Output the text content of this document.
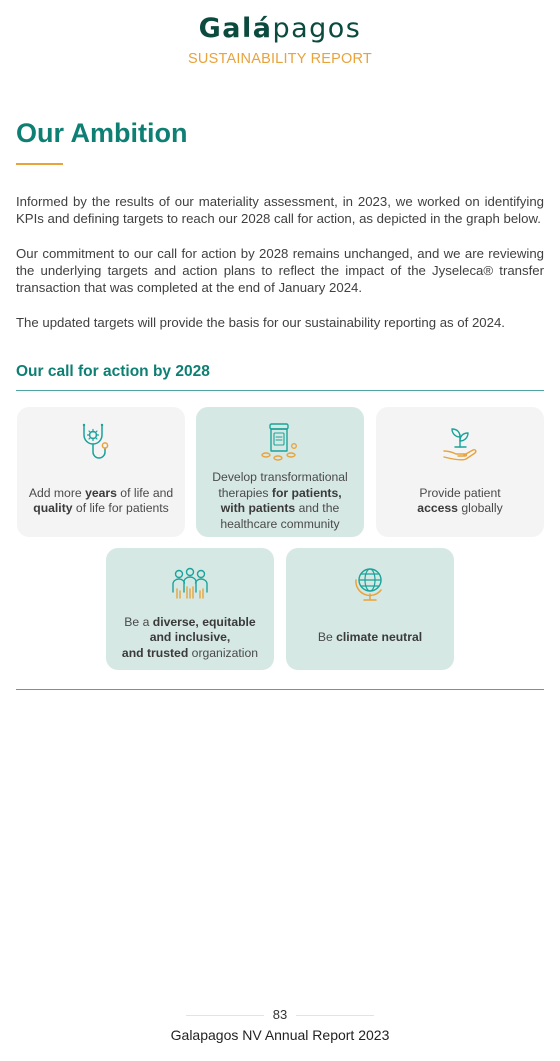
Galápagos
SUSTAINABILITY REPORT
Our Ambition

Informed by the results of our materiality assessment, in 2023, we worked on identifying KPIs and defining targets to reach our 2028 call for action, as depicted in the graph below.

Our commitment to our call for action by 2028 remains unchanged, and we are reviewing the underlying targets and action plans to reflect the impact of the Jyseleca® transfer transaction that was completed at the end of January 2024.

The updated targets will provide the basis for our sustainability reporting as of 2024.

Our call for action by 2028
Add more years of life and quality of life for patients
Develop transformational therapies for patients, with patients and the healthcare community
Provide patient
access globally
Be a diverse, equitable and inclusive,
and trusted organization
Be climate neutral
83
Galapagos NV Annual Report 2023
